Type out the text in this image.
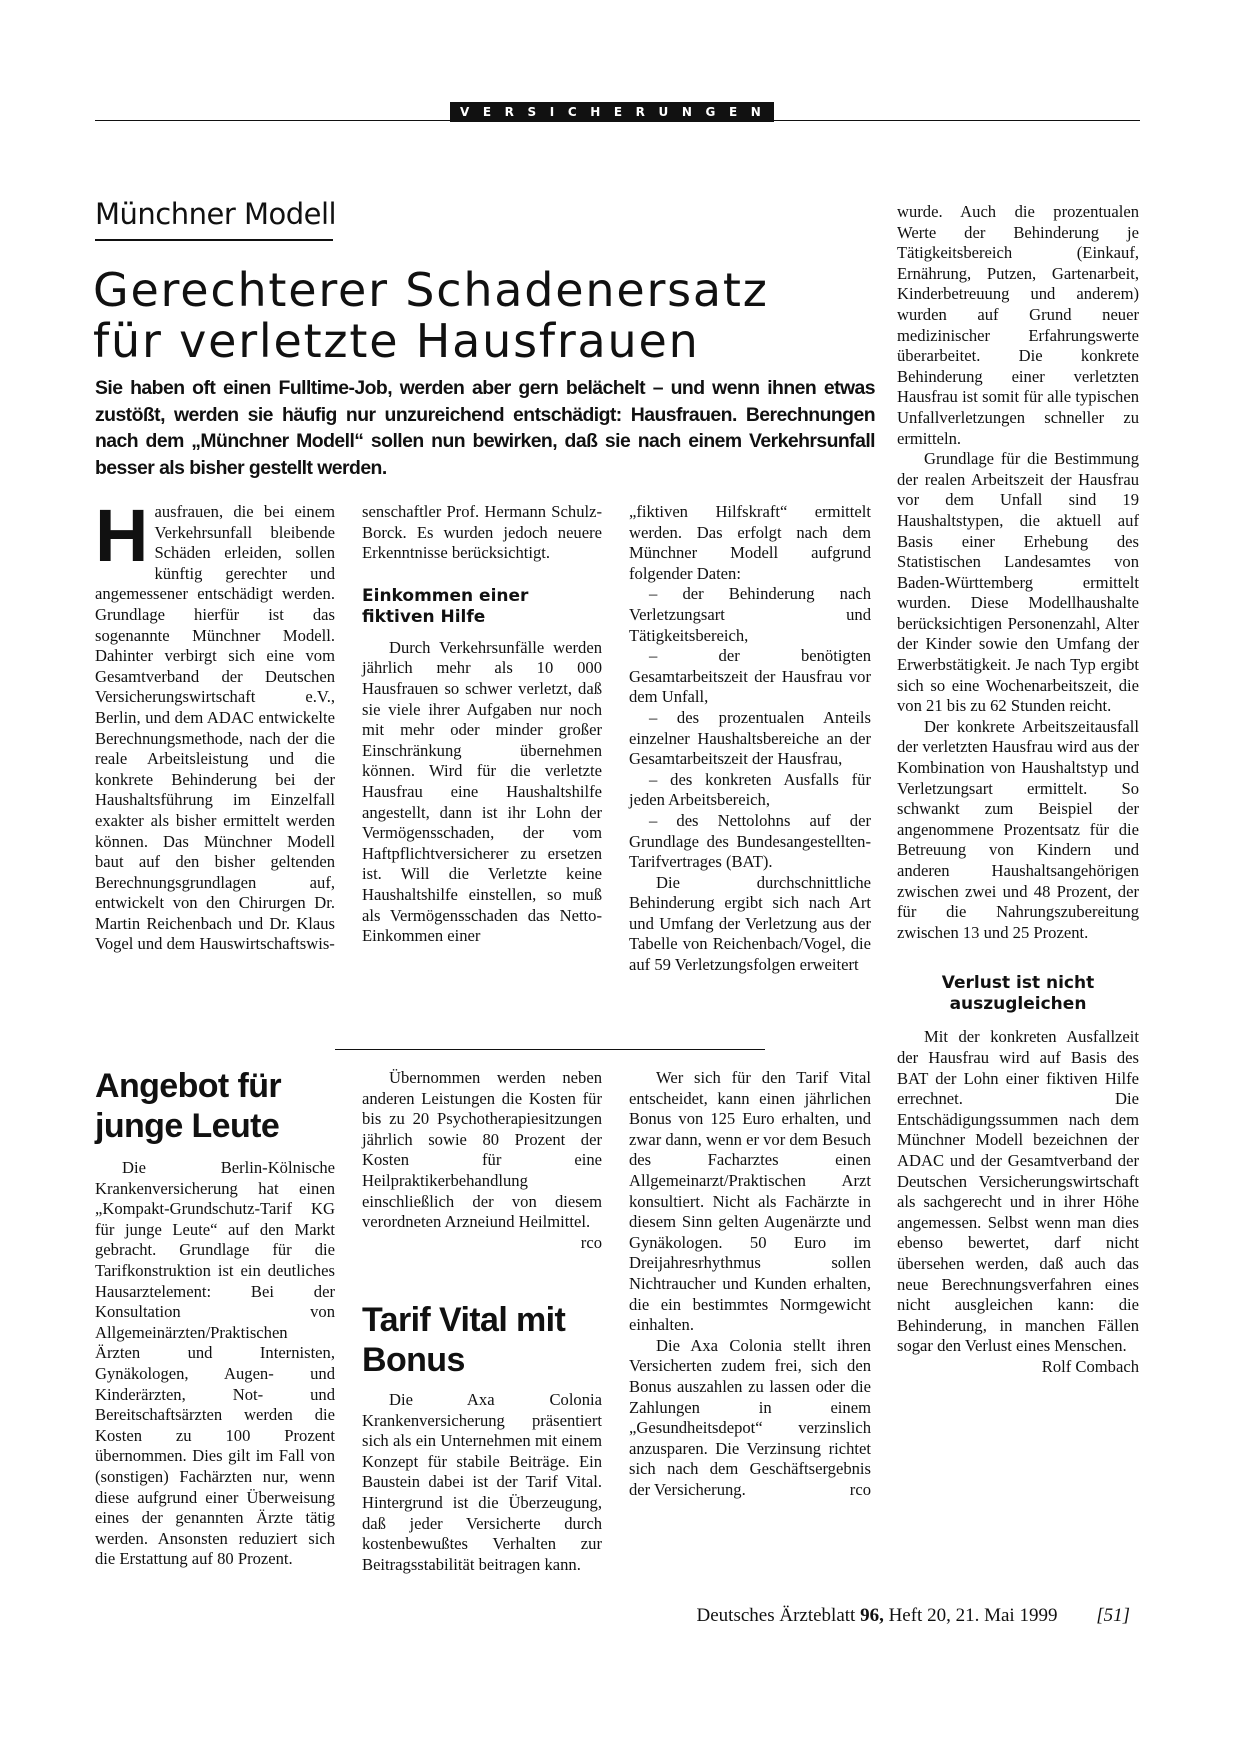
VERSICHERUNGEN
Münchner Modell
Gerechterer Schadenersatz
für verletzte Hausfrauen

Sie haben oft einen Fulltime-Job, werden aber gern belächelt – und wenn ihnen etwas zustößt, werden sie häufig nur unzureichend entschädigt: Hausfrauen. Berechnungen nach dem „Münchner Modell“ sollen nun bewirken, daß sie nach einem Verkehrsunfall besser als bisher gestellt werden.

H ausfrauen, die bei einem Verkehrsunfall bleibende Schäden erleiden, sollen künftig gerechter und angemessener entschädigt werden. Grundlage hierfür ist das sogenannte Münchner Modell. Dahinter verbirgt sich eine vom Gesamtverband der Deutschen Versicherungswirtschaft e.V., Berlin, und dem ADAC entwickelte Berechnungsmethode, nach der die reale Arbeitsleistung und die konkrete Behinderung bei der Haushaltsführung im Einzelfall exakter als bisher ermittelt werden können. Das Münchner Modell baut auf den bisher geltenden Berechnungsgrundlagen auf, entwickelt von den Chirurgen Dr. Martin Reichenbach und Dr. Klaus Vogel und dem Hauswirtschaftswis-

senschaftler Prof. Hermann Schulz-Borck. Es wurden jedoch neuere Erkenntnisse berücksichtigt.

Einkommen einer fiktiven Hilfe

Durch Verkehrsunfälle werden jährlich mehr als 10 000 Hausfrauen so schwer verletzt, daß sie viele ihrer Aufgaben nur noch mit mehr oder minder großer Einschränkung übernehmen können. Wird für die verletzte Hausfrau eine Haushaltshilfe angestellt, dann ist ihr Lohn der Vermögensschaden, der vom Haftpflichtversicherer zu ersetzen ist. Will die Verletzte keine Haushaltshilfe einstellen, so muß als Vermögensschaden das Netto-Einkommen einer

„fiktiven Hilfskraft“ ermittelt werden. Das erfolgt nach dem Münchner Modell aufgrund folgender Daten:

– der Behinderung nach Verletzungsart und Tätigkeitsbereich,

– der benötigten Gesamtarbeitszeit der Hausfrau vor dem Unfall,

– des prozentualen Anteils einzelner Haushaltsbereiche an der Gesamtarbeitszeit der Hausfrau,

– des konkreten Ausfalls für jeden Arbeitsbereich,

– des Nettolohns auf der Grundlage des Bundesangestellten-Tarifvertrages (BAT).

Die durchschnittliche Behinderung ergibt sich nach Art und Umfang der Verletzung aus der Tabelle von Reichenbach/Vogel, die auf 59 Verletzungsfolgen erweitert

wurde. Auch die prozentualen Werte der Behinderung je Tätigkeitsbereich (Einkauf, Ernährung, Putzen, Gartenarbeit, Kinderbetreuung und anderem) wurden auf Grund neuer medizinischer Erfahrungswerte überarbeitet. Die konkrete Behinderung einer verletzten Hausfrau ist somit für alle typischen Unfallverletzungen schneller zu ermitteln.

Grundlage für die Bestimmung der realen Arbeitszeit der Hausfrau vor dem Unfall sind 19 Haushaltstypen, die aktuell auf Basis einer Erhebung des Statistischen Landesamtes von Baden-Württemberg ermittelt wurden. Diese Modellhaushalte berücksichtigen Personenzahl, Alter der Kinder sowie den Umfang der Erwerbstätigkeit. Je nach Typ ergibt sich so eine Wochenarbeitszeit, die von 21 bis zu 62 Stunden reicht.

Der konkrete Arbeitszeitausfall der verletzten Hausfrau wird aus der Kombination von Haushaltstyp und Verletzungsart ermittelt. So schwankt zum Beispiel der angenommene Prozentsatz für die Betreuung von Kindern und anderen Haushaltsangehörigen zwischen zwei und 48 Prozent, der für die Nahrungszubereitung zwischen 13 und 25 Prozent.

Verlust ist nicht auszugleichen

Mit der konkreten Ausfallzeit der Hausfrau wird auf Basis des BAT der Lohn einer fiktiven Hilfe errechnet. Die Entschädigungssummen nach dem Münchner Modell bezeichnen der ADAC und der Gesamtverband der Deutschen Versicherungswirtschaft als sachgerecht und in ihrer Höhe angemessen. Selbst wenn man dies ebenso bewertet, darf nicht übersehen werden, daß auch das neue Berechnungsverfahren eines nicht ausgleichen kann: die Behinderung, in manchen Fällen sogar den Verlust eines Menschen.
Rolf Combach

Angebot für
junge Leute

Die Berlin-Kölnische Krankenversicherung hat einen „Kompakt-Grundschutz-Tarif KG für junge Leute“ auf den Markt gebracht. Grundlage für die Tarifkonstruktion ist ein deutliches Hausarztelement: Bei der Konsultation von Allgemeinärzten/Praktischen Ärzten und Internisten, Gynäkologen, Augen- und Kinderärzten, Not- und Bereitschaftsärzten werden die Kosten zu 100 Prozent übernommen. Dies gilt im Fall von (sonstigen) Fachärzten nur, wenn diese aufgrund einer Überweisung eines der genannten Ärzte tätig werden. Ansonsten reduziert sich die Erstattung auf 80 Prozent.

Übernommen werden neben anderen Leistungen die Kosten für bis zu 20 Psychotherapiesitzungen jährlich sowie 80 Prozent der Kosten für eine Heilpraktikerbehandlung einschließlich der von diesem verordneten Arzneiund Heilmittel.
rco

Tarif Vital mit
Bonus

Die Axa Colonia Krankenversicherung präsentiert sich als ein Unternehmen mit einem Konzept für stabile Beiträge. Ein Baustein dabei ist der Tarif Vital. Hintergrund ist die Überzeugung, daß jeder Versicherte durch kostenbewußtes Verhalten zur Beitragsstabilität beitragen kann.

Wer sich für den Tarif Vital entscheidet, kann einen jährlichen Bonus von 125 Euro erhalten, und zwar dann, wenn er vor dem Besuch des Facharztes einen Allgemeinarzt/Praktischen Arzt konsultiert. Nicht als Fachärzte in diesem Sinn gelten Augenärzte und Gynäkologen. 50 Euro im Dreijahresrhythmus sollen Nichtraucher und Kunden erhalten, die ein bestimmtes Normgewicht einhalten.

Die Axa Colonia stellt ihren Versicherten zudem frei, sich den Bonus auszahlen zu lassen oder die Zahlungen in einem „Gesundheitsdepot“ verzinslich anzusparen. Die Verzinsung richtet sich nach dem Geschäftsergebnis der Versicherung.	rco

Deutsches Ärzteblatt 96, Heft 20, 21. Mai 1999 [51]
